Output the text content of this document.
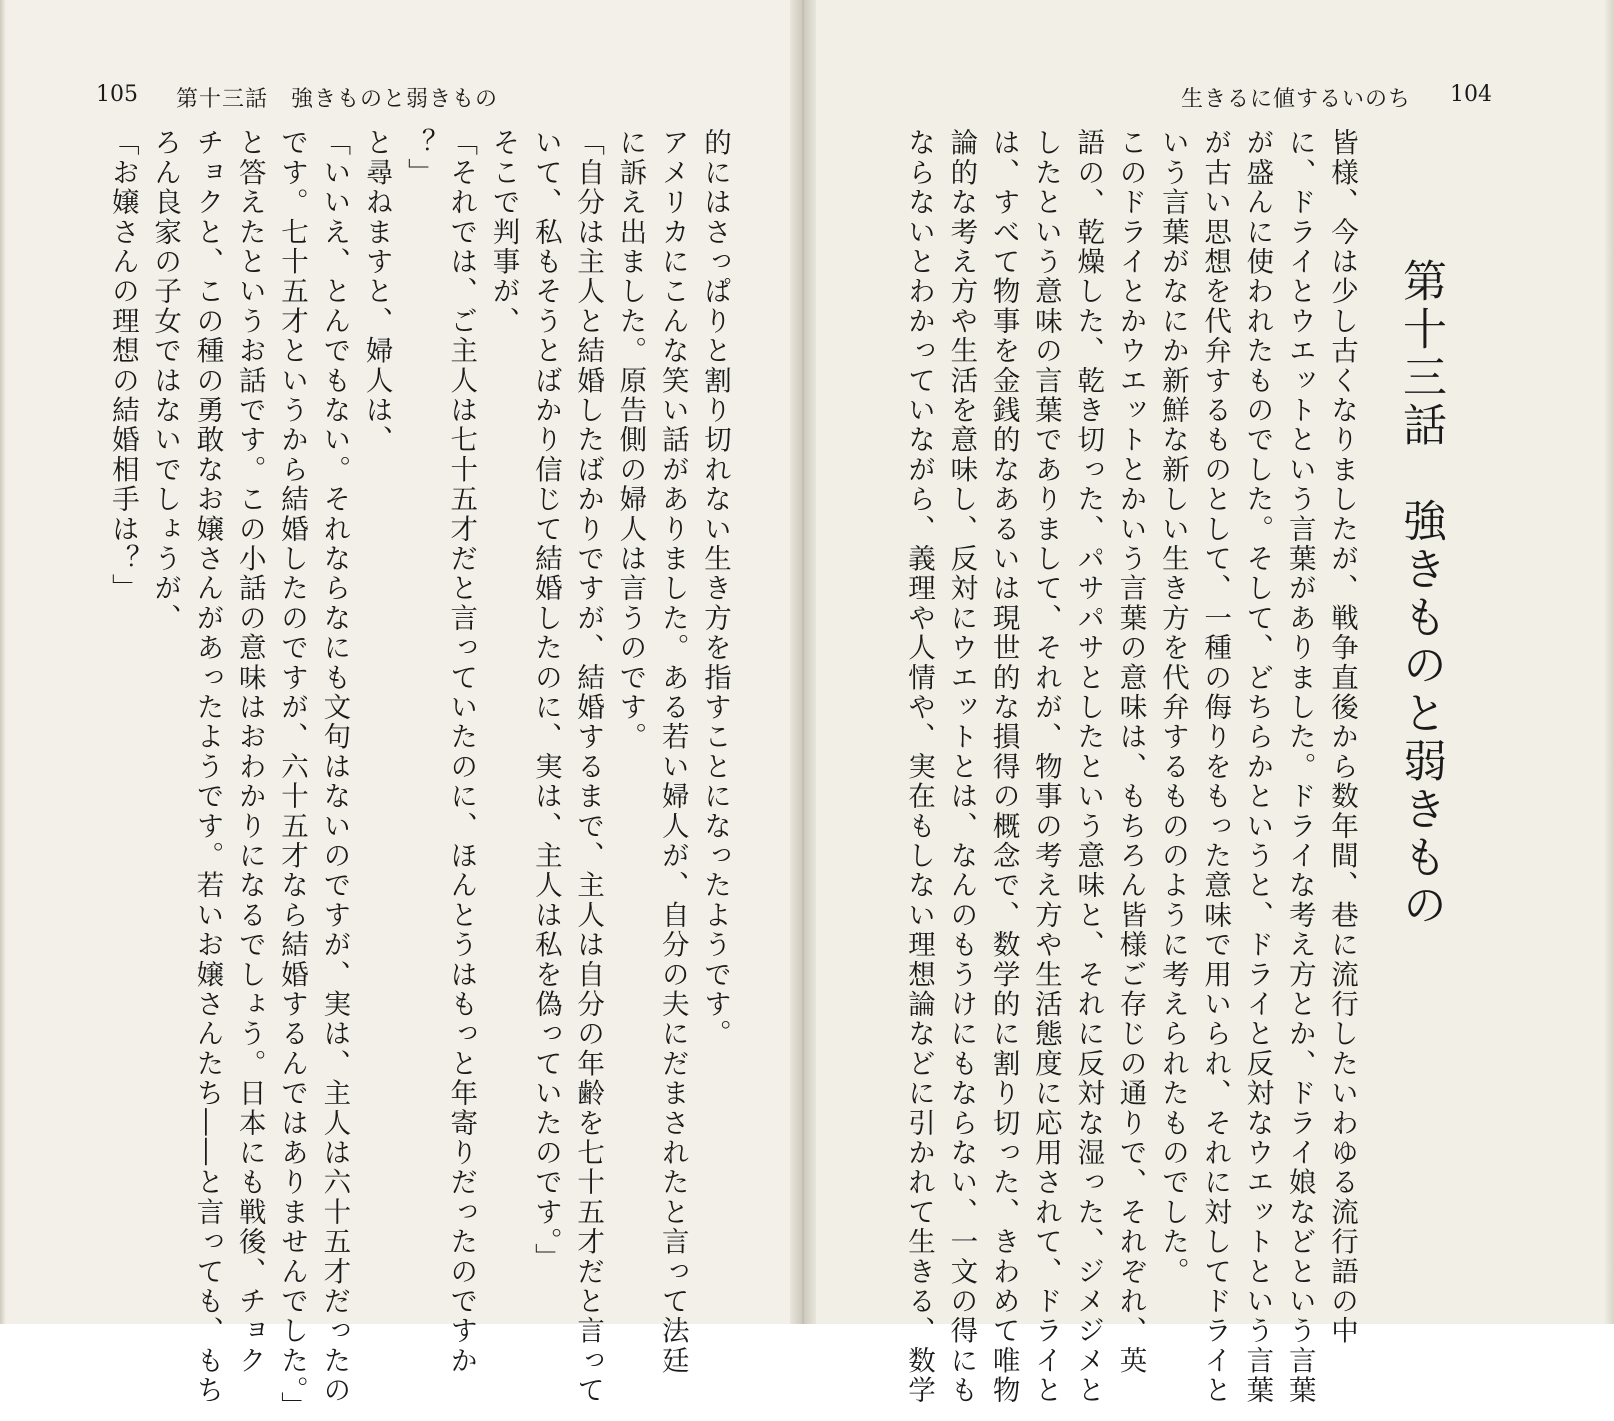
105 第十三話　強きものと弱きもの	生きるに値するいのち 104
第十三話　強きものと弱きもの
皆様、今は少し古くなりましたが、戦争直後から数年間、巷に流行したいわゆる流行語の中
に、ドライとウエットという言葉がありました。ドライな考え方とか、ドライ娘などという言葉
が盛んに使われたものでした。そして、どちらかというと、ドライと反対なウエットという言葉
が古い思想を代弁するものとして、一種の侮りをもった意味で用いられ、それに対してドライと
いう言葉がなにか新鮮な新しい生き方を代弁するもののように考えられたものでした。
このドライとかウエットとかいう言葉の意味は、もちろん皆様ご存じの通りで、それぞれ、英
語の、乾燥した、乾き切った、パサパサとしたという意味と、それに反対な湿った、ジメジメと
したという意味の言葉でありまして、それが、物事の考え方や生活態度に応用されて、ドライと
は、すべて物事を金銭的なあるいは現世的な損得の概念で、数学的に割り切った、きわめて唯物
論的な考え方や生活を意味し、反対にウエットとは、なんのもうけにもならない、一文の得にも
ならないとわかっていながら、義理や人情や、実在もしない理想論などに引かれて生きる、数学
的にはさっぱりと割り切れない生き方を指すことになったようです。
アメリカにこんな笑い話がありました。ある若い婦人が、自分の夫にだまされたと言って法廷
に訴え出ました。原告側の婦人は言うのです。
「自分は主人と結婚したばかりですが、結婚するまで、主人は自分の年齢を七十五才だと言って
いて、私もそうとばかり信じて結婚したのに、実は、主人は私を偽っていたのです。」
そこで判事が、
「それでは、ご主人は七十五才だと言っていたのに、ほんとうはもっと年寄りだったのですか
？」
と尋ねますと、婦人は、
「いいえ、とんでもない。それならなにも文句はないのですが、実は、主人は六十五才だったの
です。七十五才というから結婚したのですが、六十五才なら結婚するんではありませんでした。」
と答えたというお話です。この小話の意味はおわかりになるでしょう。日本にも戦後、チョク
チョクと、この種の勇敢なお嬢さんがあったようです。若いお嬢さんたち――と言っても、もち
ろん良家の子女ではないでしょうが、
「お嬢さんの理想の結婚相手は？」
